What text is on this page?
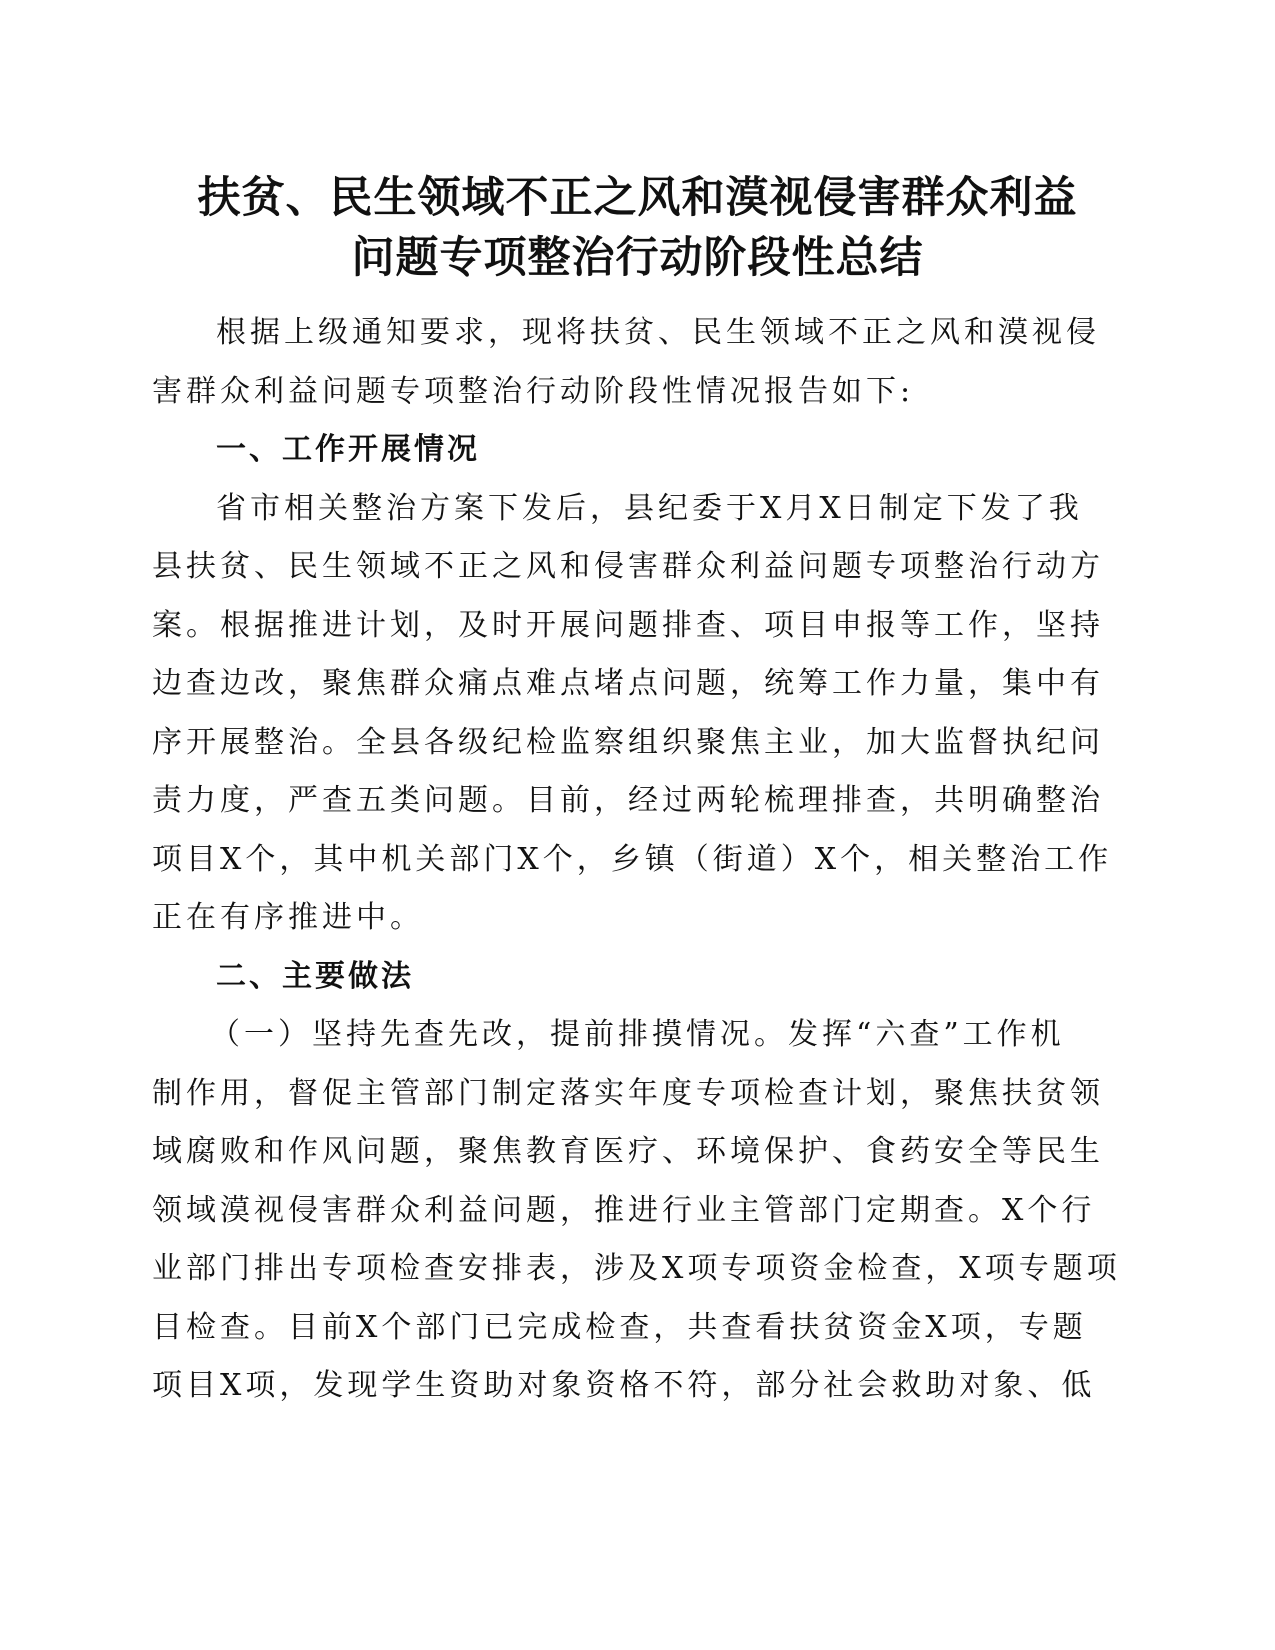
扶贫、民生领域不正之风和漠视侵害群众利益
问题专项整治行动阶段性总结
根据上级通知要求，现将扶贫、民生领域不正之风和漠视侵
害群众利益问题专项整治行动阶段性情况报告如下:
一、工作开展情况
省市相关整治方案下发后，县纪委于X月X日制定下发了我
县扶贫、民生领域不正之风和侵害群众利益问题专项整治行动方
案。根据推进计划，及时开展问题排查、项目申报等工作，坚持
边查边改，聚焦群众痛点难点堵点问题，统筹工作力量，集中有
序开展整治。全县各级纪检监察组织聚焦主业，加大监督执纪问
责力度，严查五类问题。目前，经过两轮梳理排查，共明确整治
项目X个，其中机关部门X个，乡镇（街道）X个，相关整治工作
正在有序推进中。
二、主要做法
（一）坚持先查先改，提前排摸情况。发挥“六查”工作机
制作用，督促主管部门制定落实年度专项检查计划，聚焦扶贫领
域腐败和作风问题，聚焦教育医疗、环境保护、食药安全等民生
领域漠视侵害群众利益问题，推进行业主管部门定期查。X个行
业部门排出专项检查安排表，涉及X项专项资金检查，X项专题项
目检查。目前X个部门已完成检查，共查看扶贫资金X项，专题
项目X项，发现学生资助对象资格不符，部分社会救助对象、低
